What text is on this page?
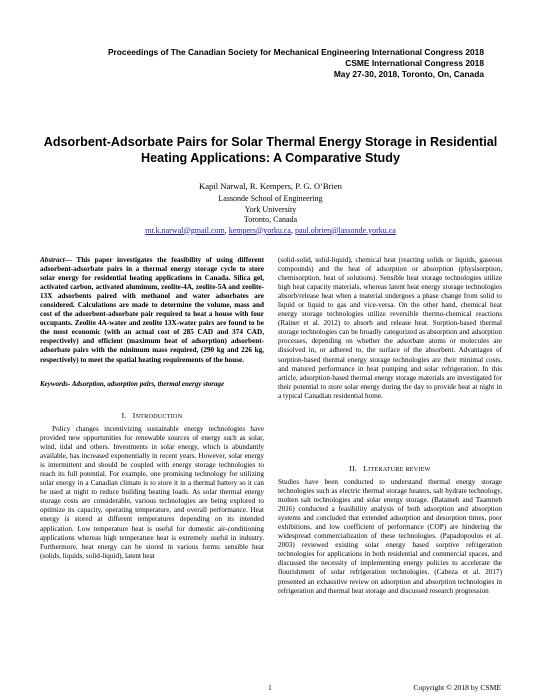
Proceedings of The Canadian Society for Mechanical Engineering International Congress 2018
CSME International Congress 2018
May 27-30, 2018, Toronto, On, Canada
Adsorbent-Adsorbate Pairs for Solar Thermal Energy Storage in Residential
Heating Applications: A Comparative Study
Kapil Narwal, R. Kempers, P. G. O’Brien
Lassonde School of Engineering
York University
Toronto, Canada
mr.k.narwal@gmail.com, kempers@yorku.ca, paul.obrien@lassonde.yorku.ca

Abstract— This paper investigates the feasibility of using different adsorbent-adsorbate pairs in a thermal energy storage cycle to store solar energy for residential heating applications in Canada. Silica gel, activated carbon, activated aluminum, zeolite-4A, zeolite-5A and zeolite-13X adsorbents paired with methanol and water adsorbates are considered. Calculations are made to determine the volume, mass and cost of the adsorbent-adsorbate pair required to heat a house with four occupants. Zeolite 4A-water and zeolite 13X-water pairs are found to be the most economic (with an actual cost of 285 CAD and 374 CAD, respectively) and efficient (maximum heat of adsorption) adsorbent-adsorbate pairs with the minimum mass required, (290 kg and 226 kg, respectively) to meet the spatial heating requirements of the house.

Keywords- Adsorption, adsorption pairs, thermal energy storage
I. INTRODUCTION

Policy changes incentivizing sustainable energy technologies have provided new opportunities for renewable sources of energy such as solar, wind, tidal and others. Investments in solar energy, which is abundantly available, has increased exponentially in recent years. However, solar energy is intermittent and should be coupled with energy storage technologies to reach its full potential. For example, one promising technology for utilizing solar energy in a Canadian climate is to store it in a thermal battery so it can be used at night to reduce building heating loads. As solar thermal energy storage costs are considerable, various technologies are being explored to optimize its capacity, operating temperature, and overall performance. Heat energy is stored at different temperatures depending on its intended application. Low temperature heat is useful for domestic air-conditioning applications whereas high temperature heat is extremely useful in industry. Furthermore, heat energy can be stored in various forms: sensible heat (solids, liquids, solid-liquid), latent heat

(solid-solid, solid-liquid), chemical heat (reacting solids or liquids, gaseous compounds) and the heat of adsorption or absorption (physisorption, chemisorption, heat of solutions). Sensible heat storage technologies utilize high heat capacity materials, whereas latent heat energy storage technologies absorb/release heat when a material undergoes a phase change from solid to liquid or liquid to gas and vice-versa. On the other hand, chemical heat energy storage technologies utilize reversible thermo-chemical reactions (Rainer et al. 2012) to absorb and release heat. Sorption-based thermal storage technologies can be broadly categorized as absorption and adsorption processes, depending on whether the adsorbate atoms or molecules are dissolved in, or adhered to, the surface of the absorbent. Advantages of sorption-based thermal energy storage technologies are their minimal costs, and matured performance in heat pumping and solar refrigeration. In this article, adsorption-based thermal energy storage materials are investigated for their potential to store solar energy during the day to provide heat at night in a typical Canadian residential home.

II. LITERATURE REVIEW

Studies have been conducted to understand thermal energy storage technologies such as electric thermal storage heaters, salt hydrate technology, molten salt technologies and solar energy storage. (Bataineh and Taamneh 2016) conducted a feasibility analysis of both adsorption and absorption systems and concluded that extended adsorption and desorption times, poor exhibitions, and low coefficient of performance (COP) are hindering the widespread commercialization of these technologies. (Papadopoulos et al. 2003) reviewed existing solar energy based sorptive refrigeration technologies for applications in both residential and commercial spaces, and discussed the necessity of implementing energy policies to accelerate the flourishment of solar refrigeration technologies. (Cabeza et al. 2017) presented an exhaustive review on adsorption and absorption technologies in refrigeration and thermal heat storage and discussed research progression

1	Copyright © 2018 by CSME
